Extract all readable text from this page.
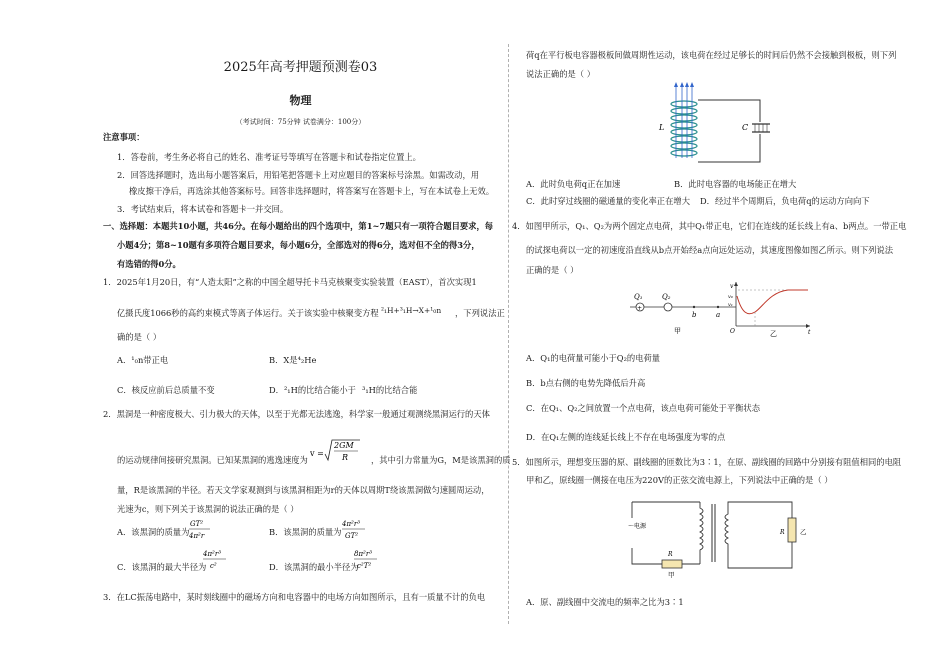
2025年高考押题预测卷03
物理
（考试时间：75分钟 试卷满分：100分）
注意事项：
1．答卷前，考生务必将自己的姓名、准考证号等填写在答题卡和试卷指定位置上。
2．回答选择题时，选出每小题答案后，用铅笔把答题卡上对应题目的答案标号涂黑。如需改动，用
橡皮擦干净后，再选涂其他答案标号。回答非选择题时，将答案写在答题卡上，写在本试卷上无效。
3．考试结束后，将本试卷和答题卡一并交回。
一、选择题：本题共10小题，共46分。在每小题给出的四个选项中，第1~7题只有一项符合题目要求，每
小题4分；第8~10题有多项符合题目要求，每小题6分，全部选对的得6分，选对但不全的得3分，
有选错的得0分。
1．2025年1月20日，有“人造太阳”之称的中国全超导托卡马克核聚变实验装置（EAST），首次实现1
亿摄氏度1066秒的高约束模式等离子体运行。关于该实验中核聚变方程 ²₁H+³₁H→X+¹₀n ，下列说法正
确的是（ ）
A．¹₀n带正电	B．X是⁴₂He
C．核反应前后总质量不变	D．²₁H的比结合能小于 ³₁H的比结合能
2．黑洞是一种密度极大、引力极大的天体，以至于光都无法逃逸，科学家一般通过观测绕黑洞运行的天体
的运动规律间接研究黑洞。已知某黑洞的逃逸速度为
v =
2GM
R	，其中引力常量为G，M是该黑洞的质
量，R是该黑洞的半径。若天文学家观测到与该黑洞相距为r的天体以周期T绕该黑洞做匀速圆周运动，
光速为c，则下列关于该黑洞的说法正确的是（ ）
A．该黑洞的质量为
GT²
4π²r	B．该黑洞的质量为
4π²r³
GT²
C．该黑洞的最大半径为
4π²r³
c²	D．该黑洞的最小半径为
8π²r³
c²T²
3．在LC振荡电路中，某时刻线圈中的磁场方向和电容器中的电场方向如图所示，且有一质量不计的负电
荷q在平行板电容器极板间做周期性运动，该电荷在经过足够长的时间后仍然不会接触到极板，则下列
说法正确的是（ ）
L	C
A．此时负电荷q正在加速	B．此时电容器的电场能正在增大
C．此时穿过线圈的磁通量的变化率正在增大 D．经过半个周期后，负电荷q的运动方向向下
4．如图甲所示，Q₁、Q₂为两个固定点电荷，其中Q₁带正电，它们在连线的延长线上有a、b两点。一带正电
的试探电荷以一定的初速度沿直线从b点开始经a点向远处运动，其速度图像如图乙所示。则下列说法
正确的是（ ）
+
Q₁	Q₂
b	a
甲
v
t
O
v₀
v₁
乙
A．Q₁的电荷量可能小于Q₂的电荷量
B．b点右侧的电势先降低后升高
C．在Q₁、Q₂之间放置一个点电荷，该点电荷可能处于平衡状态
D．在Q₁左侧的连线延长线上不存在电场强度为零的点
5．如图所示，理想变压器的原、副线圈的匝数比为3∶1，在原、副线圈的回路中分别接有阻值相同的电阻
甲和乙，原线圈一侧接在电压为220V的正弦交流电源上，下列说法中正确的是（ ）
R
甲
～电源
R 乙
A．原、副线圈中交流电的频率之比为3∶1
